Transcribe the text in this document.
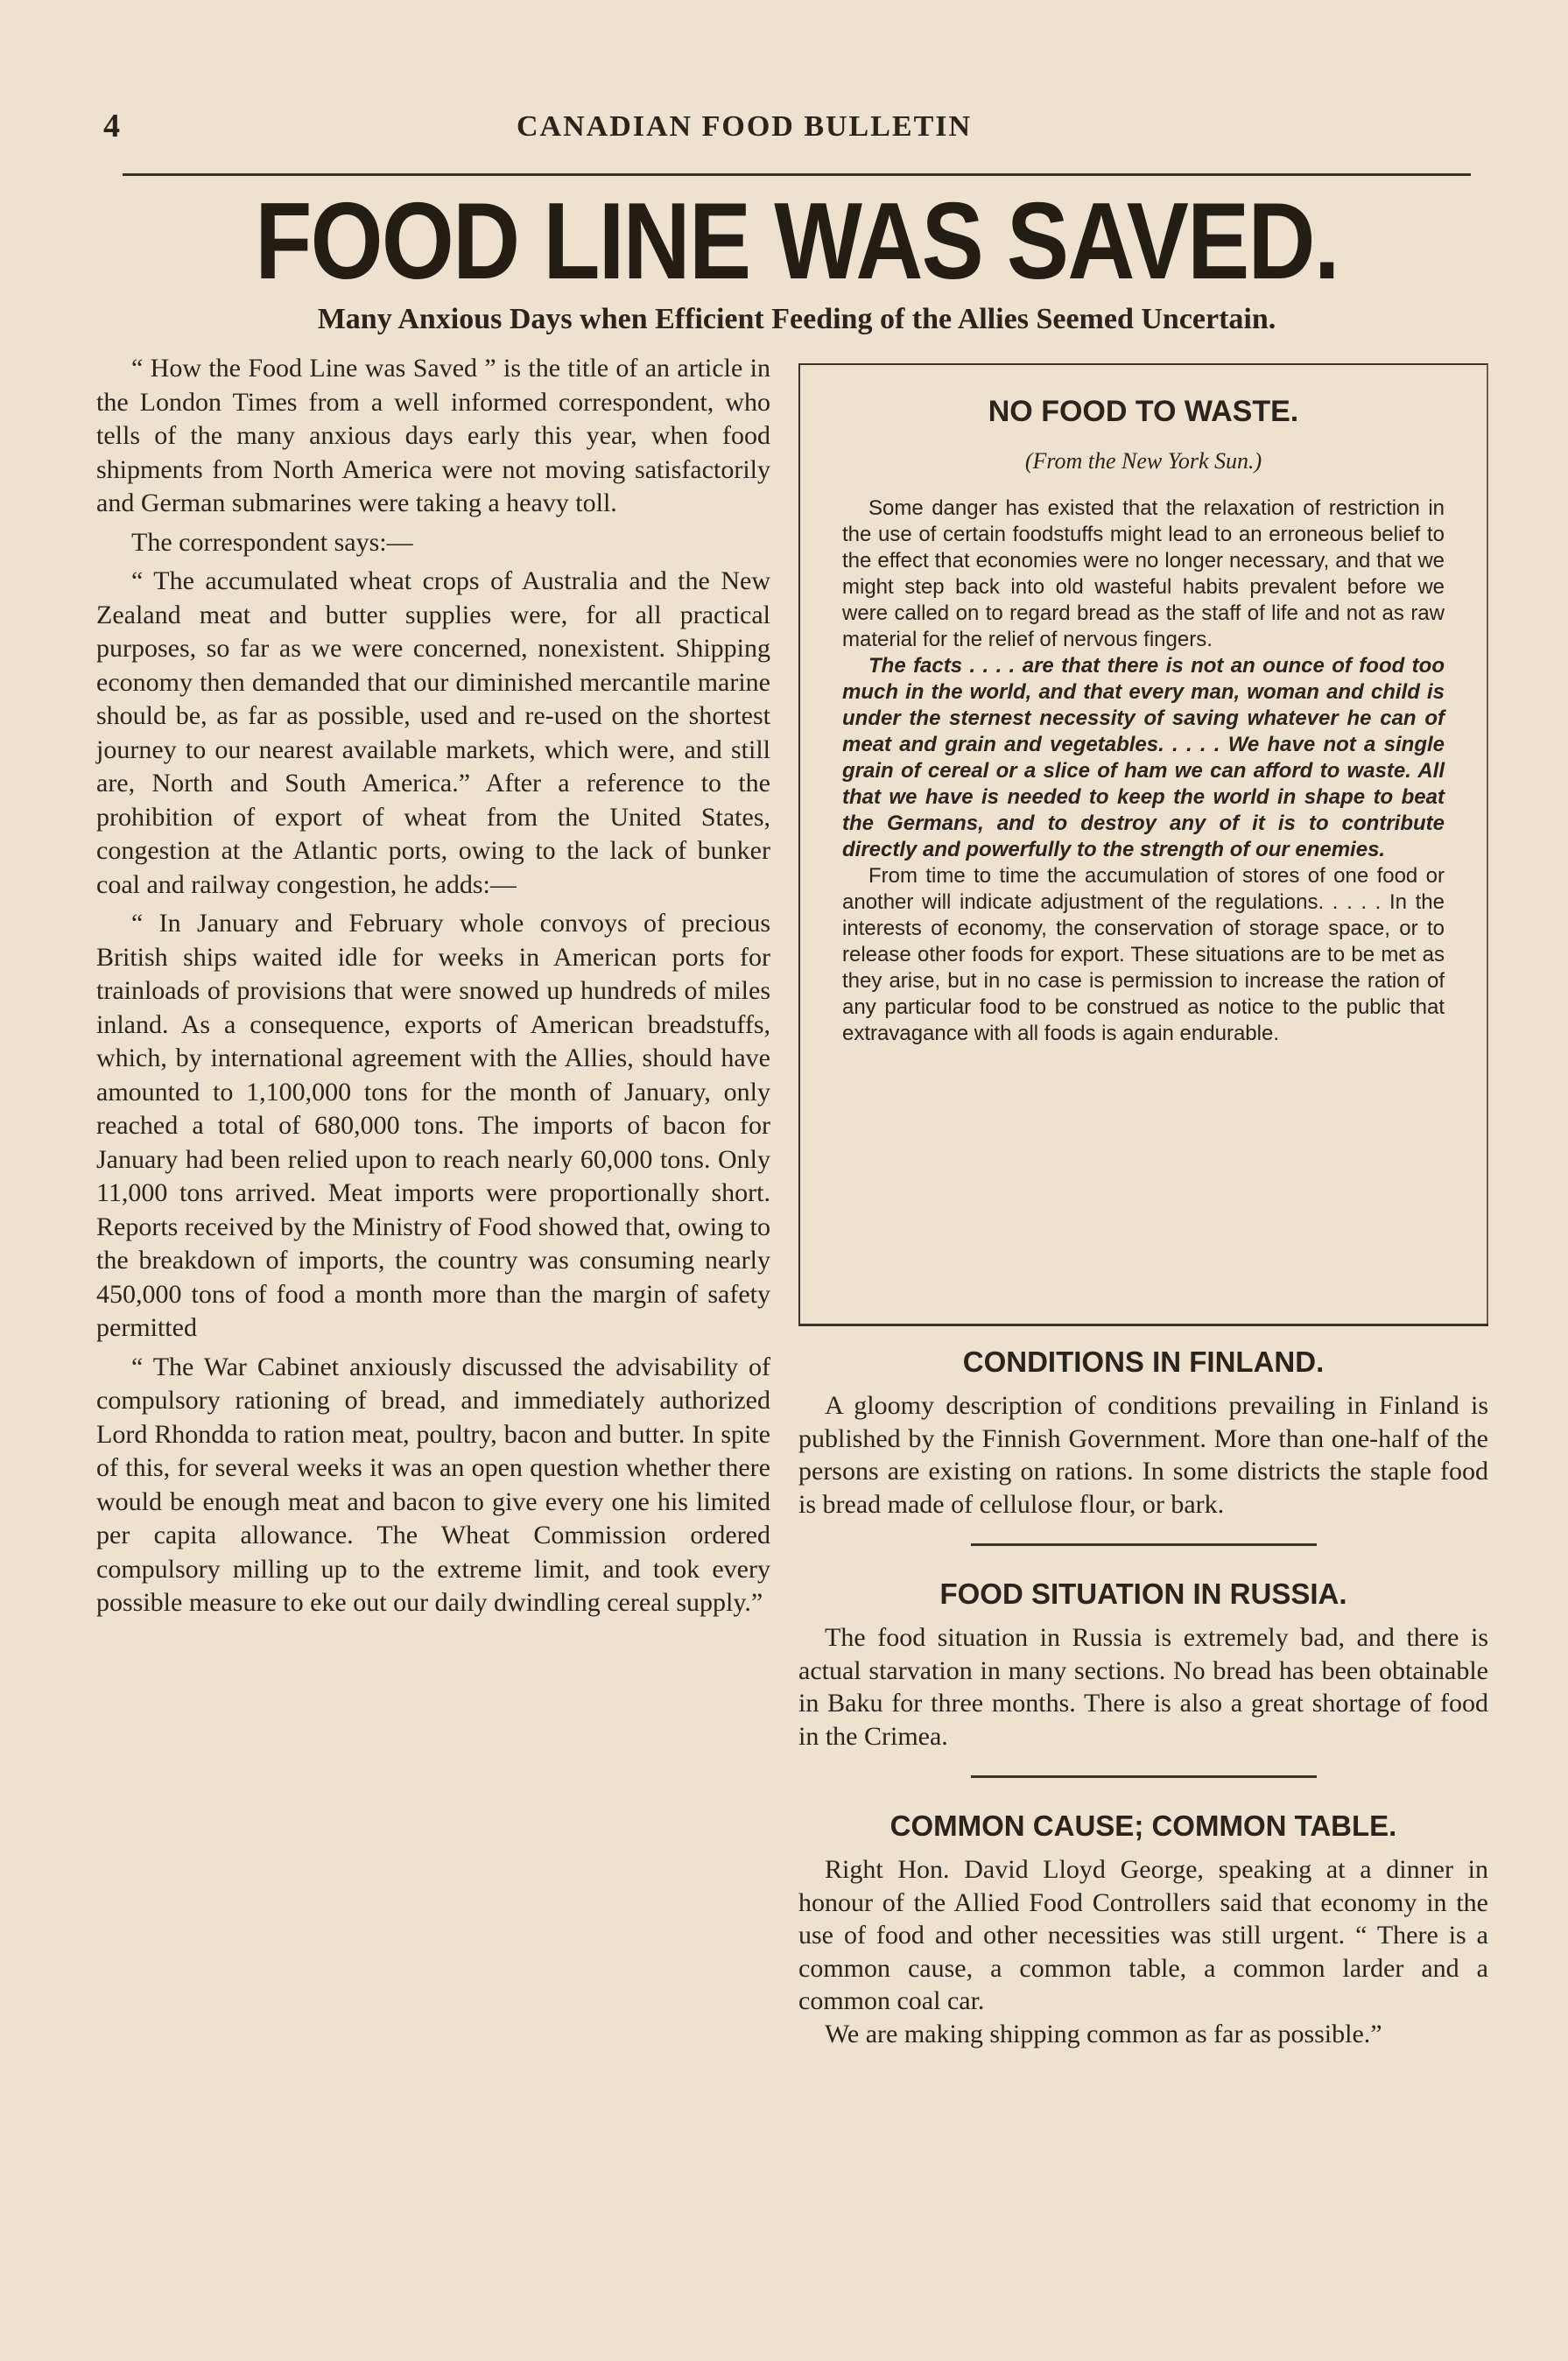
4	CANADIAN FOOD BULLETIN
FOOD LINE WAS SAVED.
Many Anxious Days when Efficient Feeding of the Allies Seemed Uncertain.

“ How the Food Line was Saved ” is the title of an article in the London Times from a well informed correspondent, who tells of the many anxious days early this year, when food shipments from North America were not moving satisfactorily and German submarines were taking a heavy toll.

The correspondent says:—

“ The accumulated wheat crops of Australia and the New Zealand meat and butter supplies were, for all practical purposes, so far as we were concerned, nonexistent. Shipping economy then demanded that our diminished mercantile marine should be, as far as possible, used and re-used on the shortest journey to our nearest available markets, which were, and still are, North and South America.” After a reference to the prohibition of export of wheat from the United States, congestion at the Atlantic ports, owing to the lack of bunker coal and railway congestion, he adds:—

“ In January and February whole convoys of precious British ships waited idle for weeks in American ports for trainloads of provisions that were snowed up hundreds of miles inland. As a consequence, exports of American breadstuffs, which, by international agreement with the Allies, should have amounted to 1,100,000 tons for the month of January, only reached a total of 680,000 tons. The imports of bacon for January had been relied upon to reach nearly 60,000 tons. Only 11,000 tons arrived. Meat imports were proportionally short. Reports received by the Ministry of Food showed that, owing to the breakdown of imports, the country was consuming nearly 450,000 tons of food a month more than the margin of safety permitted

“ The War Cabinet anxiously discussed the advisability of compulsory rationing of bread, and immediately authorized Lord Rhondda to ration meat, poultry, bacon and butter. In spite of this, for several weeks it was an open question whether there would be enough meat and bacon to give every one his limited per capita allowance. The Wheat Commission ordered compulsory milling up to the extreme limit, and took every possible measure to eke out our daily dwindling cereal supply.”

NO FOOD TO WASTE.
(From the New York Sun.)

Some danger has existed that the relaxation of restriction in the use of certain foodstuffs might lead to an erroneous belief to the effect that economies were no longer necessary, and that we might step back into old wasteful habits prevalent before we were called on to regard bread as the staff of life and not as raw material for the relief of nervous fingers.

The facts . . . . are that there is not an ounce of food too much in the world, and that every man, woman and child is under the sternest necessity of saving whatever he can of meat and grain and vegetables. . . . . We have not a single grain of cereal or a slice of ham we can afford to waste. All that we have is needed to keep the world in shape to beat the Germans, and to destroy any of it is to contribute directly and powerfully to the strength of our enemies.

From time to time the accumulation of stores of one food or another will indicate adjustment of the regulations. . . . . In the interests of economy, the conservation of storage space, or to release other foods for export. These situations are to be met as they arise, but in no case is permission to increase the ration of any particular food to be construed as notice to the public that extravagance with all foods is again endurable.

CONDITIONS IN FINLAND.

A gloomy description of conditions prevailing in Finland is published by the Finnish Government. More than one-half of the persons are existing on rations. In some districts the staple food is bread made of cellulose flour, or bark.

FOOD SITUATION IN RUSSIA.

The food situation in Russia is extremely bad, and there is actual starvation in many sections. No bread has been obtainable in Baku for three months. There is also a great shortage of food in the Crimea.

COMMON CAUSE; COMMON TABLE.

Right Hon. David Lloyd George, speaking at a dinner in honour of the Allied Food Controllers said that economy in the use of food and other necessities was still urgent. “ There is a common cause, a common table, a common larder and a common coal car.

We are making shipping common as far as possible.”
